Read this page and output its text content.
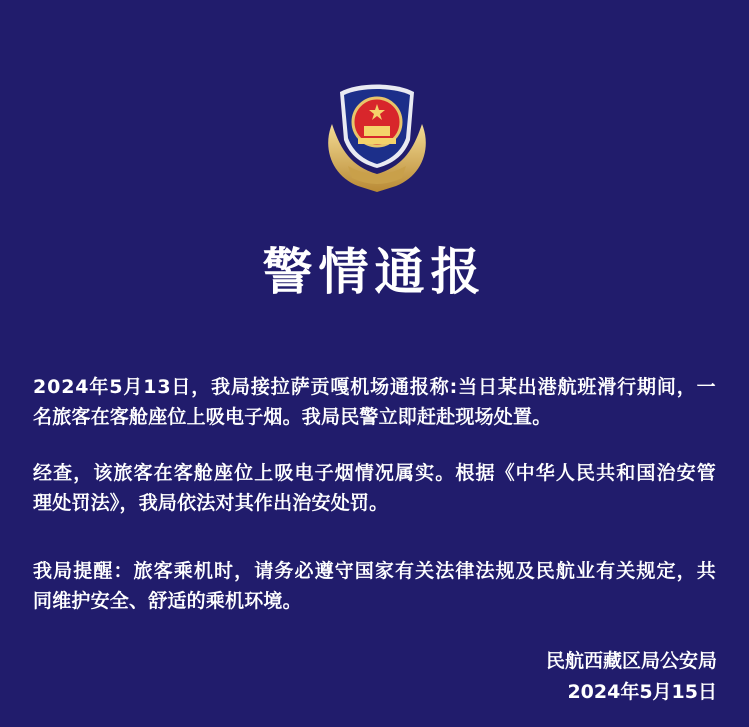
警情通报
2024年5月13日，我局接拉萨贡嘎机场通报称:当日某出港航班滑行期间，一
名旅客在客舱座位上吸电子烟。我局民警立即赶赴现场处置。
经查，该旅客在客舱座位上吸电子烟情况属实。根据《中华人民共和国治安管
理处罚法》，我局依法对其作出治安处罚。
我局提醒：旅客乘机时，请务必遵守国家有关法律法规及民航业有关规定，共
同维护安全、舒适的乘机环境。
民航西藏区局公安局
2024年5月15日
